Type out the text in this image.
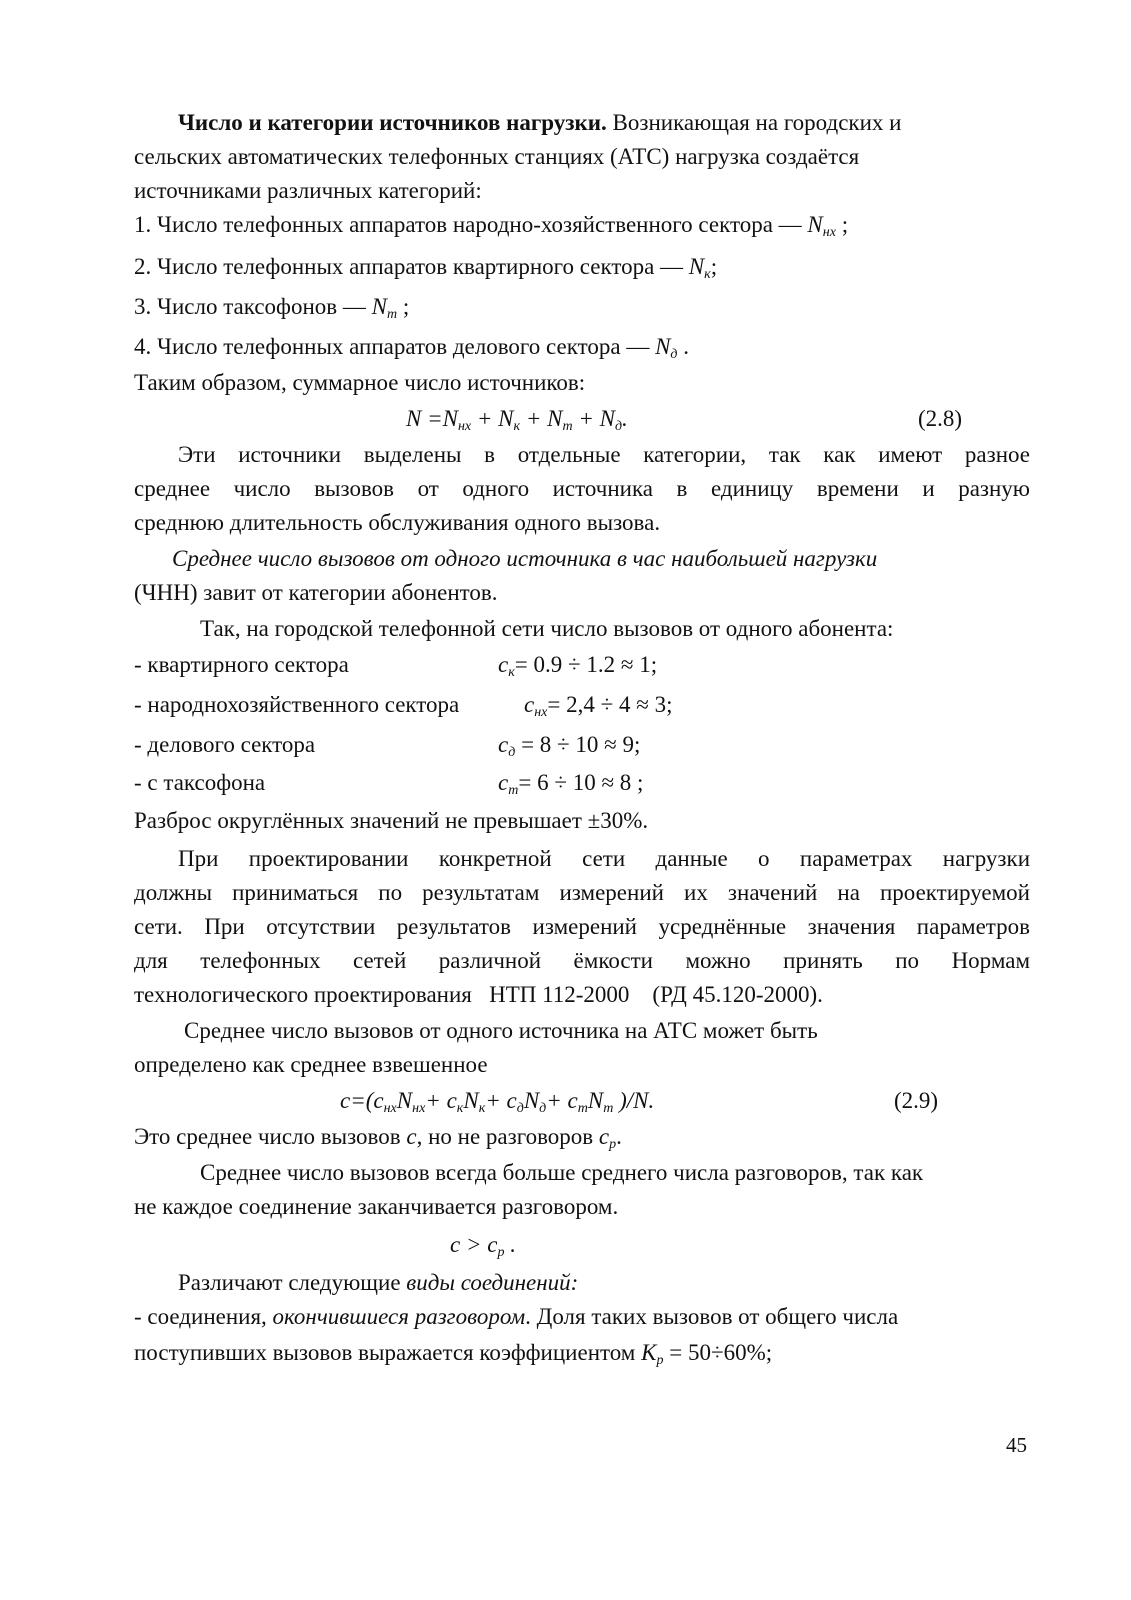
Число и категории источников нагрузки. Возникающая на городских и
сельских автоматических телефонных станциях (АТС) нагрузка создаётся
источниками различных категорий:
1. Число телефонных аппаратов народно-хозяйственного сектора — $N_{нх}$ ;
2. Число телефонных аппаратов квартирного сектора — $N_к$;
3. Число таксофонов — $N_т$ ;
4. Число телефонных аппаратов делового сектора — $N_д$ .
Таким образом, суммарное число источников:
$N =N_{нх} + N_к + N_т + N_д$.	(2.8)
Эти источники выделены в отдельные категории, так как имеют разное
среднее число вызовов от одного источника в единицу времени и разную
среднюю длительность обслуживания одного вызова.
Среднее число вызовов от одного источника в час наибольшей нагрузки
(ЧНН) завит от категории абонентов.
Так, на городской телефонной сети число вызовов от одного абонента:
- квартирного сектора	$c_к= 0.9 \div 1.2 \approx 1$;
- народнохозяйственного сектора	$c_{нх}= 2,4 \div 4 \approx 3$;
- делового сектора	$c_д = 8 \div 10 \approx 9$;
- с таксофона	$c_т= 6 \div 10 \approx 8$ ;
Разброс округлённых значений не превышает ±30%.
При проектировании конкретной сети данные о параметрах нагрузки
должны приниматься по результатам измерений их значений на проектируемой
сети. При отсутствии результатов измерений усреднённые значения параметров
для телефонных сетей различной ёмкости можно принять по Нормам
технологического проектирования   НТП 112-2000    (РД 45.120-2000).
Среднее число вызовов от одного источника на АТС может быть
определено как среднее взвешенное
$c=(c_{нх}N_{нх}+ c_кN_к+ c_дN_д+ c_тN_т$ )/N.	(2.9)
Это среднее число вызовов c, но не разговоров $c_р$.
Среднее число вызовов всегда больше среднего числа разговоров, так как
не каждое соединение заканчивается разговором.
$c > c_р$ .
Различают следующие виды соединений:
- соединения, окончившиеся разговором. Доля таких вызовов от общего числа
поступивших вызовов выражается коэффициентом $K_р = 50\div 60\%$;
45
